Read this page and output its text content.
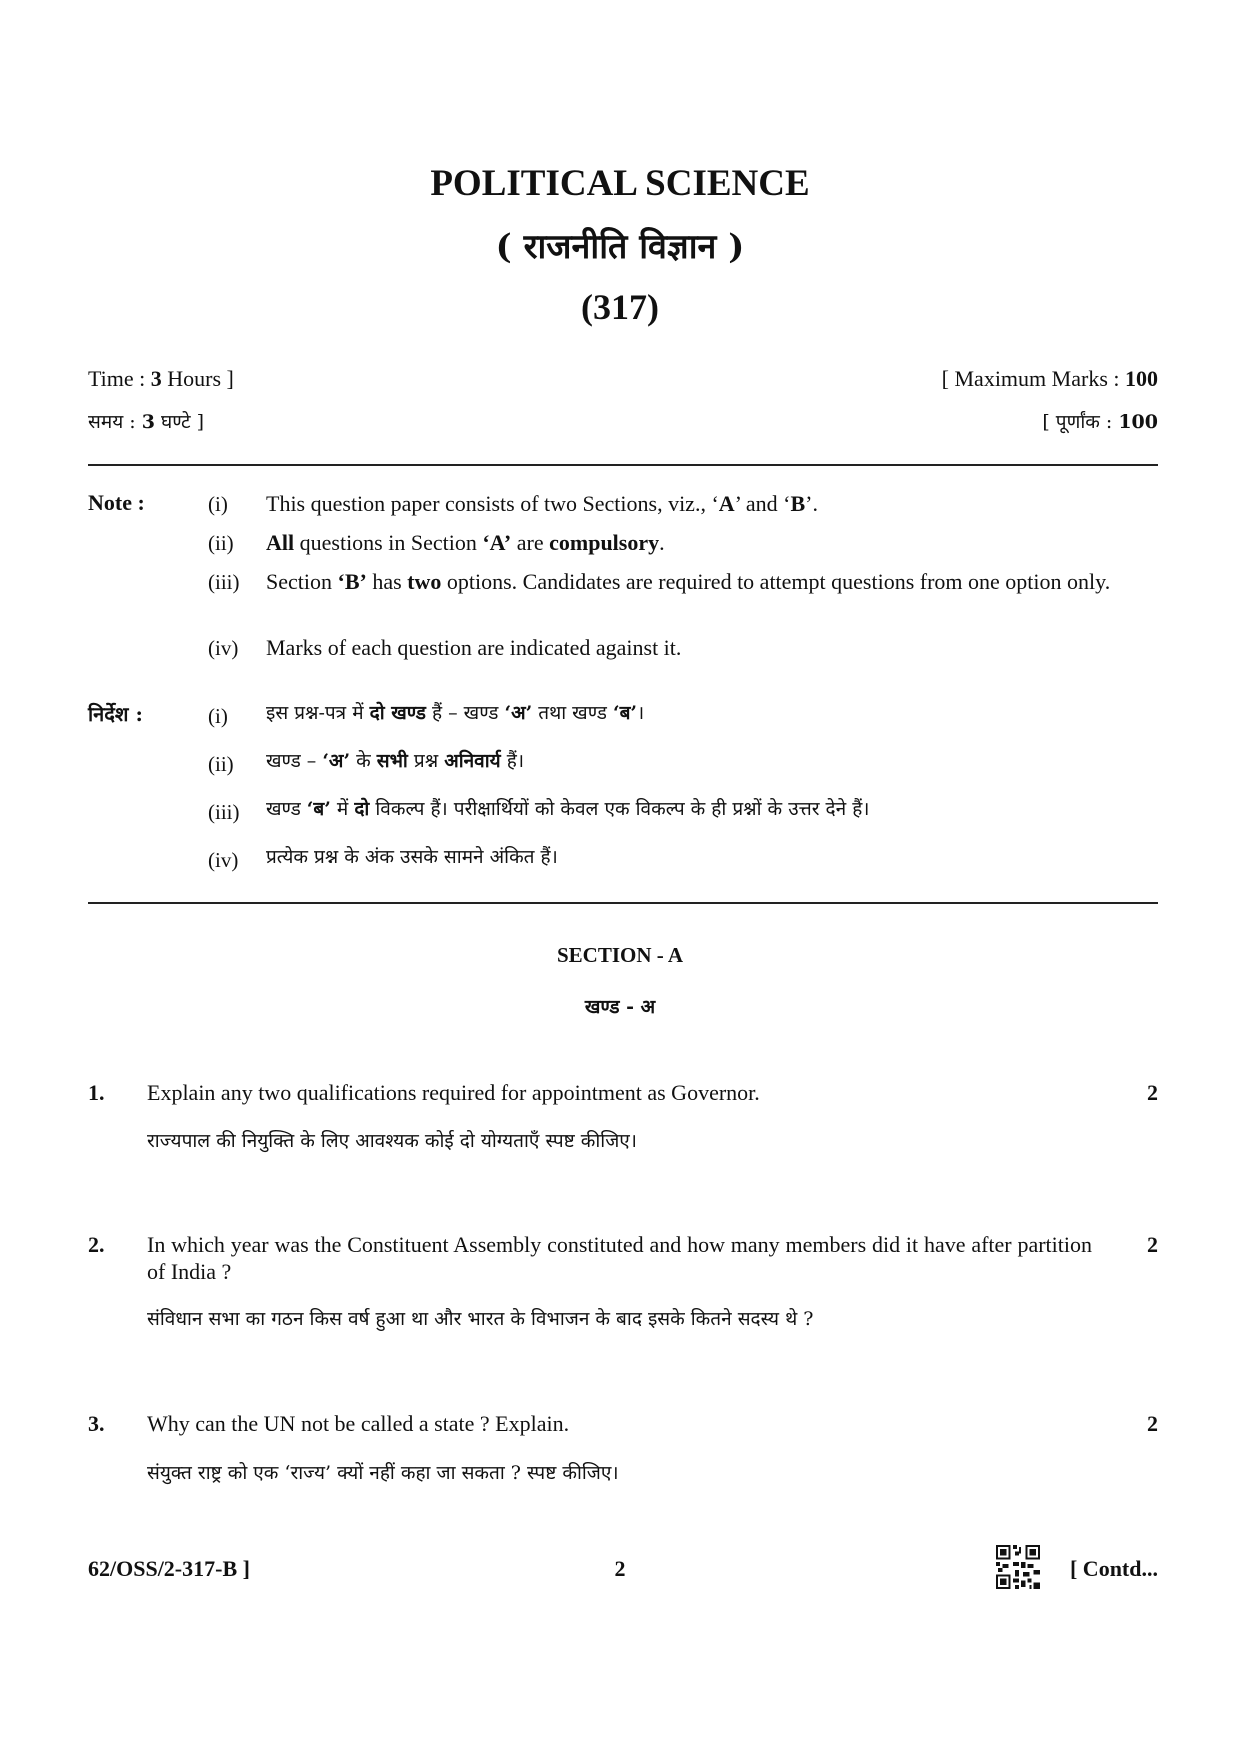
POLITICAL SCIENCE
( राजनीति विज्ञान )
(317)
Time : 3 Hours ]	[ Maximum Marks : 100
समय : 3 घण्टे ]	[ पूर्णांक : 100
Note :	(i) This question paper consists of two Sections, viz., ‘A’ and ‘B’.
(ii) All questions in Section ‘A’ are compulsory.
(iii) Section ‘B’ has two options. Candidates are required to attempt questions from one option only.
(iv) Marks of each question are indicated against it.
निर्देश :	(i) इस प्रश्न-पत्र में दो खण्ड हैं – खण्ड ‘अ’ तथा खण्ड ‘ब’।
(ii) खण्ड – ‘अ’ के सभी प्रश्न अनिवार्य हैं।
(iii) खण्ड ‘ब’ में दो विकल्प हैं। परीक्षार्थियों को केवल एक विकल्प के ही प्रश्नों के उत्तर देने हैं।
(iv) प्रत्येक प्रश्न के अंक उसके सामने अंकित हैं।
SECTION - A
खण्ड - अ
1. Explain any two qualifications required for appointment as Governor.	2
राज्यपाल की नियुक्ति के लिए आवश्यक कोई दो योग्यताएँ स्पष्ट कीजिए।
2. In which year was the Constituent Assembly constituted and how many members did it have after partition of India ?
2
संविधान सभा का गठन किस वर्ष हुआ था और भारत के विभाजन के बाद इसके कितने सदस्य थे ?
3. Why can the UN not be called a state ? Explain.	2
संयुक्त राष्ट्र को एक ‘राज्य’ क्यों नहीं कहा जा सकता ? स्पष्ट कीजिए।
62/OSS/2-317-B ]	2	[ Contd...
